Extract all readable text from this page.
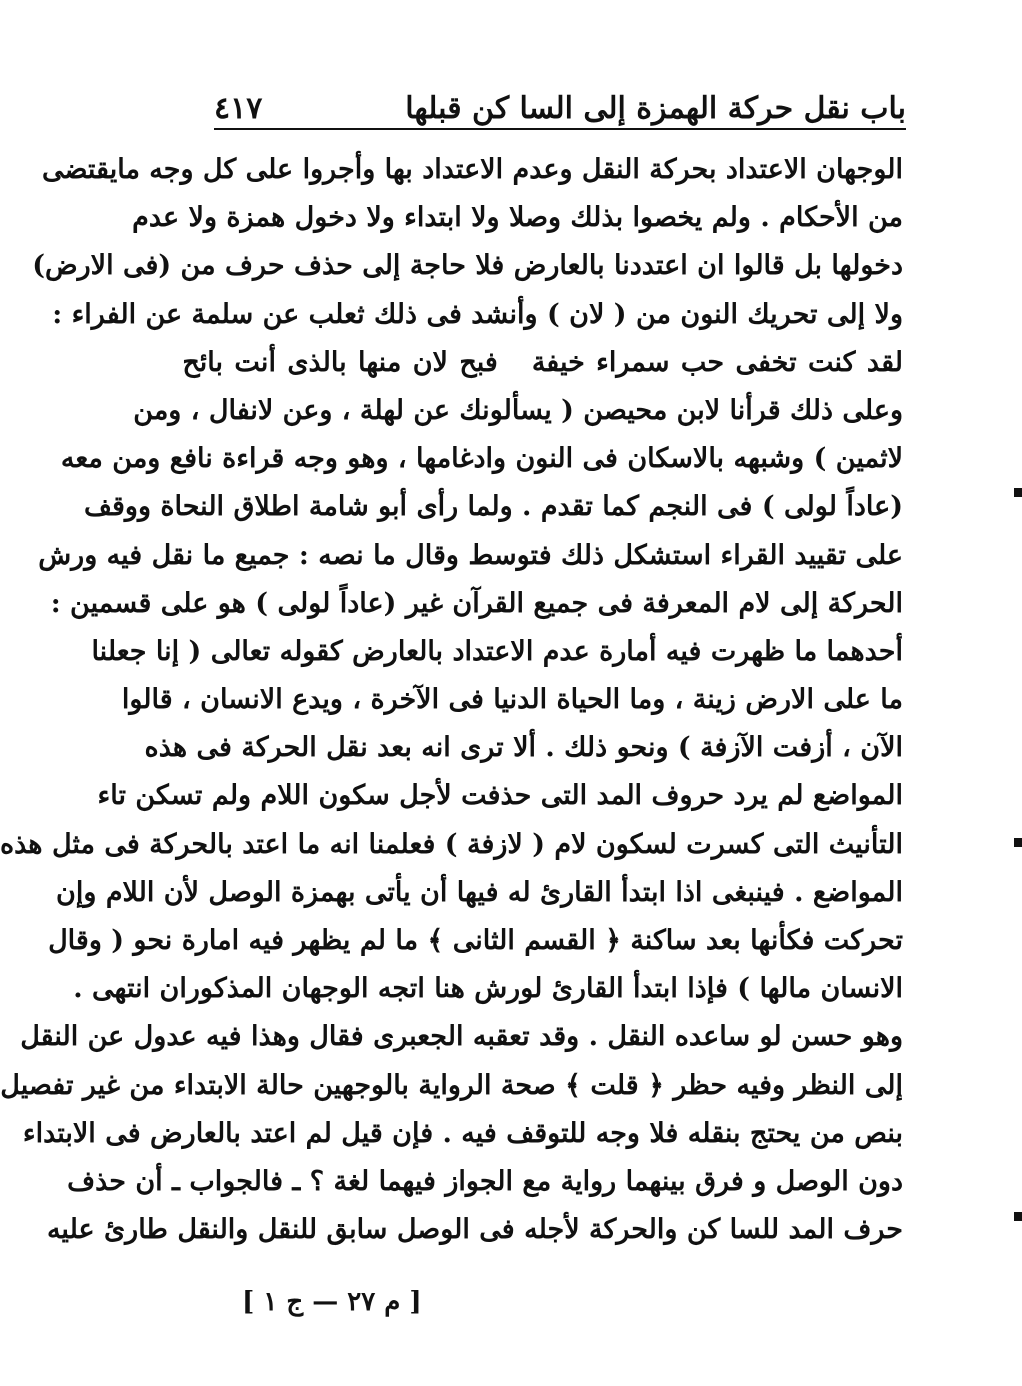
باب نقل حركة الهمزة إلى السا كن قبلها
٤١٧
الوجهان الاعتداد بحركة النقل وعدم الاعتداد بها وأجروا على كل وجه مايقتضى
من الأحكام . ولم يخصوا بذلك وصلا ولا ابتداء ولا دخول همزة ولا عدم
دخولها بل قالوا ان اعتددنا بالعارض فلا حاجة إلى حذف حرف من (فى الارض)
ولا إلى تحريك النون من ( لان ) وأنشد فى ذلك ثعلب عن سلمة عن الفراء :
لقد كنت تخفى حب سمراء خيفة
فبح لان منها بالذى أنت بائح
وعلى ذلك قرأنا لابن محيصن ( يسألونك عن لهلة ، وعن لانفال ، ومن
لاثمين ) وشبهه بالاسكان فى النون وادغامها ، وهو وجه قراءة نافع ومن معه
(عاداً لولى ) فى النجم كما تقدم . ولما رأى أبو شامة اطلاق النحاة ووقف
على تقييد القراء استشكل ذلك فتوسط وقال ما نصه : جميع ما نقل فيه ورش
الحركة إلى لام المعرفة فى جميع القرآن غير (عاداً لولى ) هو على قسمين :
أحدهما ما ظهرت فيه أمارة عدم الاعتداد بالعارض كقوله تعالى ( إنا جعلنا
ما على الارض زينة ، وما الحياة الدنيا فى الآخرة ، ويدع الانسان ، قالوا
الآن ، أزفت الآزفة ) ونحو ذلك . ألا ترى انه بعد نقل الحركة فى هذه
المواضع لم يرد حروف المد التى حذفت لأجل سكون اللام ولم تسكن تاء
التأنيث التى كسرت لسكون لام ( لازفة ) فعلمنا انه ما اعتد بالحركة فى مثل هذه
المواضع . فينبغى اذا ابتدأ القارئ له فيها أن يأتى بهمزة الوصل لأن اللام وإن
تحركت فكأنها بعد ساكنة ﴿ القسم الثانى ﴾ ما لم يظهر فيه امارة نحو ( وقال
الانسان مالها ) فإذا ابتدأ القارئ لورش هنا اتجه الوجهان المذكوران انتهى .
وهو حسن لو ساعده النقل . وقد تعقبه الجعبرى فقال وهذا فيه عدول عن النقل
إلى النظر وفيه حظر ﴿ قلت ﴾ صحة الرواية بالوجهين حالة الابتداء من غير تفصيل
بنص من يحتج بنقله فلا وجه للتوقف فيه . فإن قيل لم اعتد بالعارض فى الابتداء
دون الوصل و فرق بينهما رواية مع الجواز فيهما لغة ؟ ـ فالجواب ـ أن حذف
حرف المد للسا كن والحركة لأجله فى الوصل سابق للنقل والنقل طارئ عليه
[ م ٢٧ — ج ١ ]
